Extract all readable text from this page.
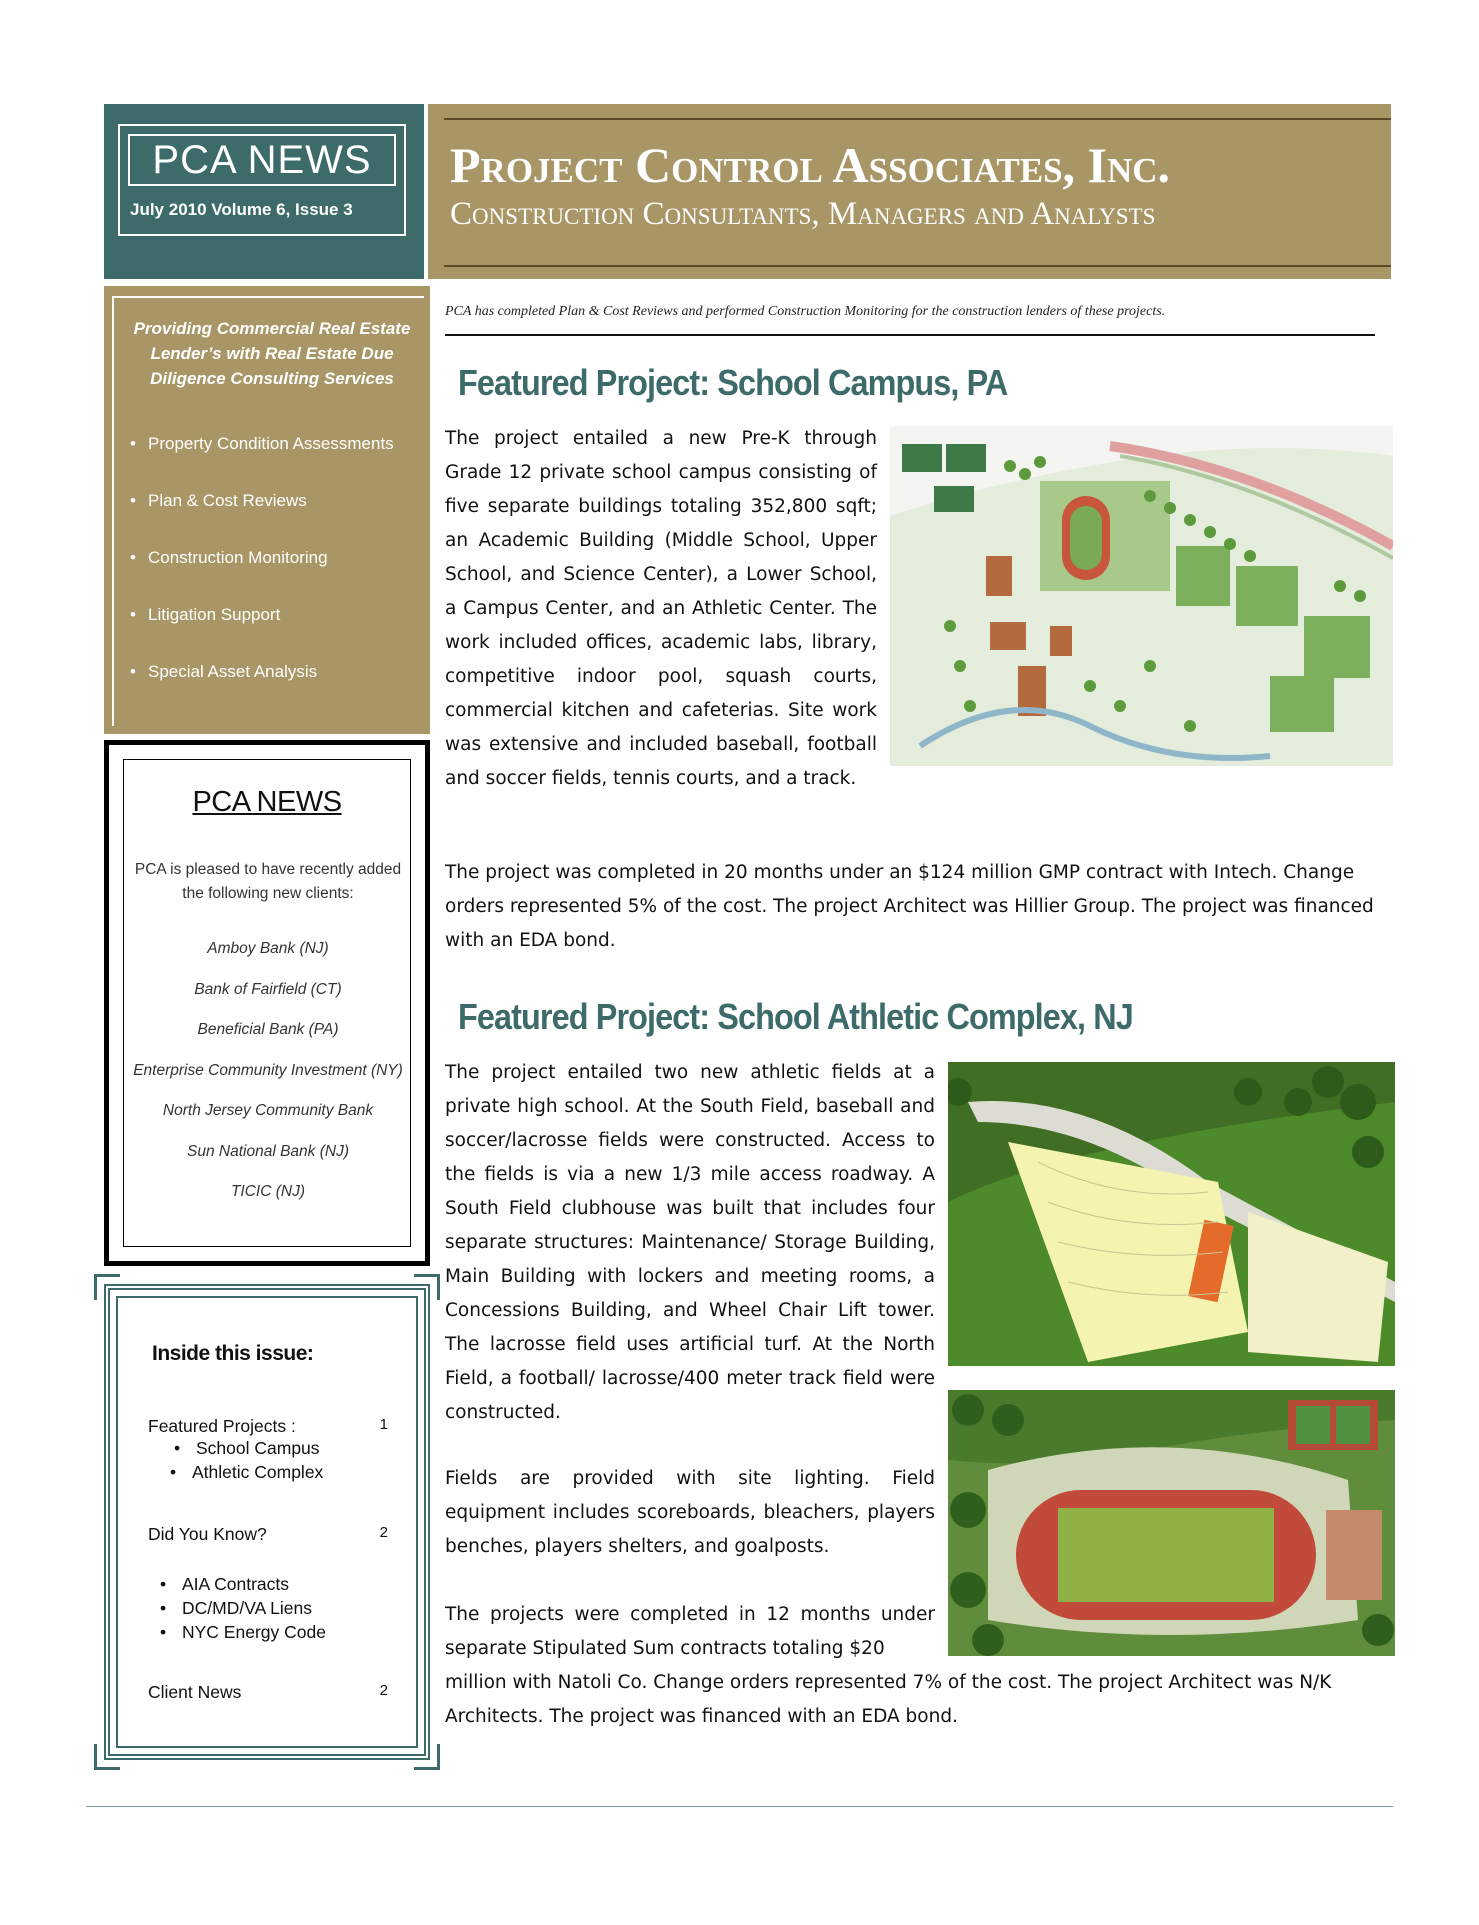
PCA NEWS
July 2010 Volume 6, Issue 3
Project Control Associates, Inc.
Construction Consultants, Managers and Analysts
Providing Commercial Real Estate Lender’s with Real Estate Due Diligence Consulting Services
• Property Condition Assessments
• Plan & Cost Reviews
• Construction Monitoring
• Litigation Support
• Special Asset Analysis
PCA NEWS
PCA is pleased to have recently added the following new clients:
Amboy Bank (NJ)
Bank of Fairfield (CT)
Beneficial Bank (PA)
Enterprise Community Investment (NY)
North Jersey Community Bank
Sun National Bank (NJ)
TICIC (NJ)
Inside this issue:
Featured Projects :	1
• School Campus
• Athletic Complex
Did You Know?	2
• AIA Contracts
• DC/MD/VA Liens
• NYC Energy Code
Client News	2
PCA has completed Plan & Cost Reviews and performed Construction Monitoring for the construction lenders of these projects.
Featured Project: School Campus, PA
The project entailed a new Pre-K through Grade 12 private school campus consisting of five separate buildings totaling 352,800 sqft; an Academic Building (Middle School, Upper School, and Science Center), a Lower School, a Campus Center, and an Athletic Center. The work included offices, academic labs, library, competitive indoor pool, squash courts, commercial kitchen and cafeterias. Site work was extensive and included baseball, football and soccer fields, tennis courts, and a track.
The project was completed in 20 months under an $124 million GMP contract with Intech. Change orders represented 5% of the cost. The project Architect was Hillier Group. The project was financed with an EDA bond.
Featured Project: School Athletic Complex, NJ
The project entailed two new athletic fields at a private high school. At the South Field, baseball and soccer/lacrosse fields were constructed. Access to the fields is via a new 1/3 mile access roadway. A South Field clubhouse was built that includes four separate structures: Maintenance/ Storage Building, Main Building with lockers and meeting rooms, a Concessions Building, and Wheel Chair Lift tower. The lacrosse field uses artificial turf. At the North Field, a football/ lacrosse/400 meter track field were constructed.
Fields are provided with site lighting. Field equipment includes scoreboards, bleachers, players benches, players shelters, and goalposts.
The projects were completed in 12 months under separate Stipulated Sum contracts totaling $20
million with Natoli Co. Change orders represented 7% of the cost. The project Architect was N/K Architects. The project was financed with an EDA bond.
